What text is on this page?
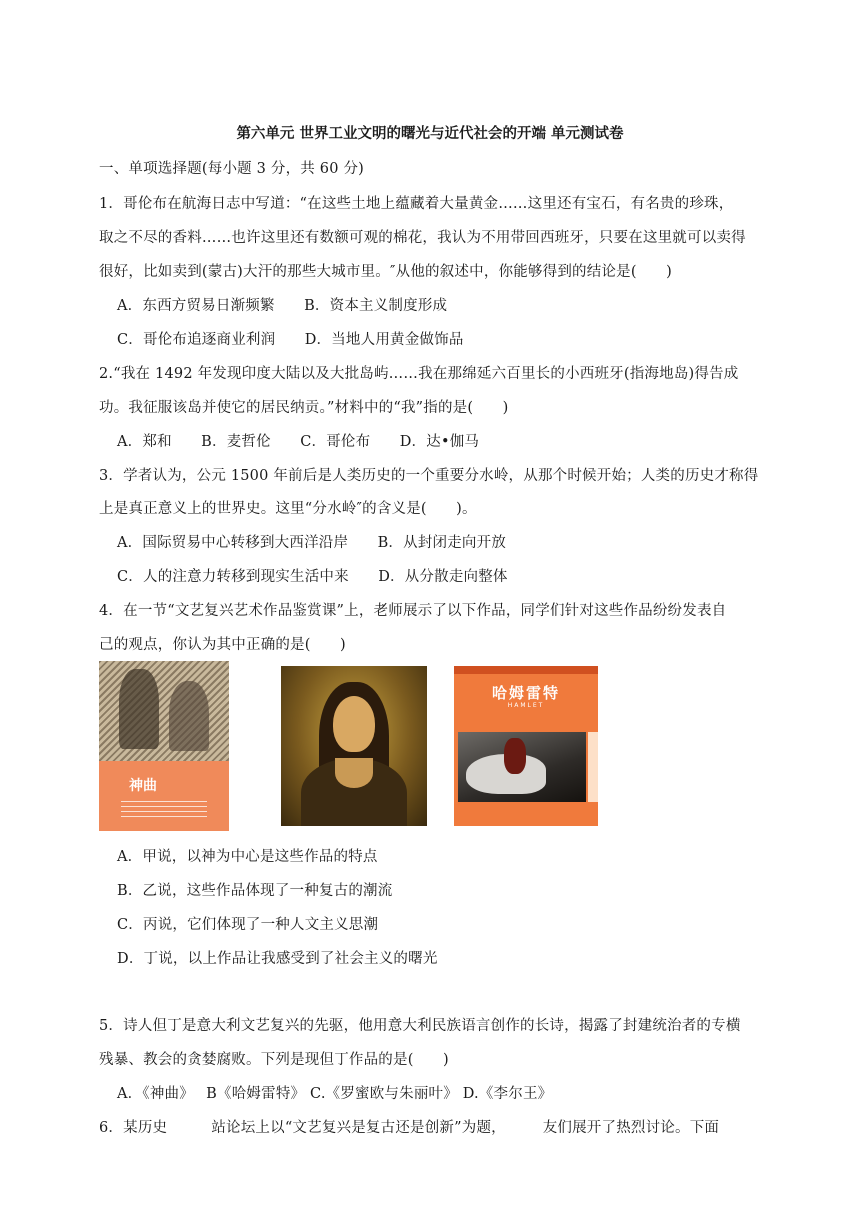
第六单元 世界工业文明的曙光与近代社会的开端 单元测试卷
一、单项选择题(每小题 3 分，共 60 分)
1．哥伦布在航海日志中写道：“在这些土地上蕴藏着大量黄金……这里还有宝石，有名贵的珍珠，
取之不尽的香料……也许这里还有数额可观的棉花，我认为不用带回西班牙，只要在这里就可以卖得
很好，比如卖到(蒙古)大汗的那些大城市里。″从他的叙述中，你能够得到的结论是(　　)
A．东西方贸易日渐频繁　　B．资本主义制度形成
C．哥伦布追逐商业利润　　D．当地人用黄金做饰品
2.“我在 1492 年发现印度大陆以及大批岛屿……我在那绵延六百里长的小西班牙(指海地岛)得告成
功。我征服该岛并使它的居民纳贡。”材料中的“我”指的是(　　)
A．郑和　　B．麦哲伦　　C．哥伦布　　D．达•伽马
3．学者认为，公元 1500 年前后是人类历史的一个重要分水岭，从那个时候开始；人类的历史才称得
上是真正意义上的世界史。这里“分水岭″的含义是(　　)。
A．国际贸易中心转移到大西洋沿岸　　B．从封闭走向开放
C．人的注意力转移到现实生活中来　　D．从分散走向整体
4．在一节“文艺复兴艺术作品鉴赏课”上，老师展示了以下作品，同学们针对这些作品纷纷发表自
己的观点，你认为其中正确的是(　　)
神曲
哈姆雷特
HAMLET
A．甲说，以神为中心是这些作品的特点
B．乙说，这些作品体现了一种复古的潮流
C．丙说，它们体现了一种人文主义思潮
D．丁说，以上作品让我感受到了社会主义的曙光
5．诗人但丁是意大利文艺复兴的先驱，他用意大利民族语言创作的长诗，揭露了封建统治者的专横
残暴、教会的贪婪腐败。下列是现但丁作品的是(　　)
A．《神曲》　 B《哈姆雷特》 C.《罗蜜欧与朱丽叶》 D.《李尔王》
6．某历史　　　站论坛上以“文艺复兴是复古还是创新”为题，　　　友们展开了热烈讨论。下面
